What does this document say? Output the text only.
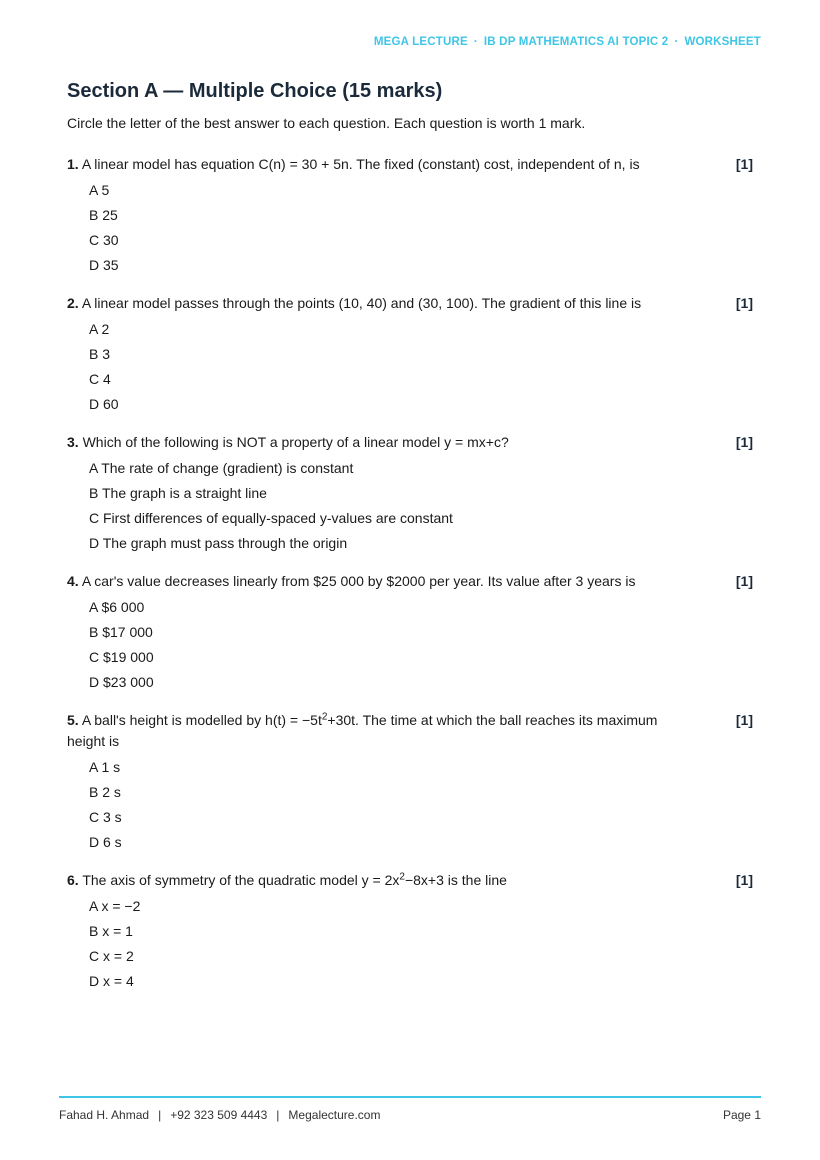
MEGA LECTURE · IB DP MATHEMATICS AI TOPIC 2 · WORKSHEET
Section A — Multiple Choice (15 marks)

Circle the letter of the best answer to each question. Each question is worth 1 mark.

1. A linear model has equation C(n) = 30 + 5n. The fixed (constant) cost, independent of n, is	[1]
A 5
B 25
C 30
D 35

2. A linear model passes through the points (10, 40) and (30, 100). The gradient of this line is	[1]
A 2
B 3
C 4
D 60

3. Which of the following is NOT a property of a linear model y = mx+c?	[1]
A The rate of change (gradient) is constant
B The graph is a straight line
C First differences of equally-spaced y-values are constant
D The graph must pass through the origin

4. A car's value decreases linearly from $25 000 by $2000 per year. Its value after 3 years is	[1]
A $6 000
B $17 000
C $19 000
D $23 000

5. A ball's height is modelled by $h(t) = -5t^2+30t$. The time at which the ball reaches its maximum height is

[1]
A 1 s
B 2 s
C 3 s
D 6 s

6. The axis of symmetry of the quadratic model $y = 2x^2-8x+3$ is the line	[1]
A x = −2
B x = 1
C x = 2
D x = 4
Fahad H. Ahmad | +92 323 509 4443 | Megalecture.com	Page 1
